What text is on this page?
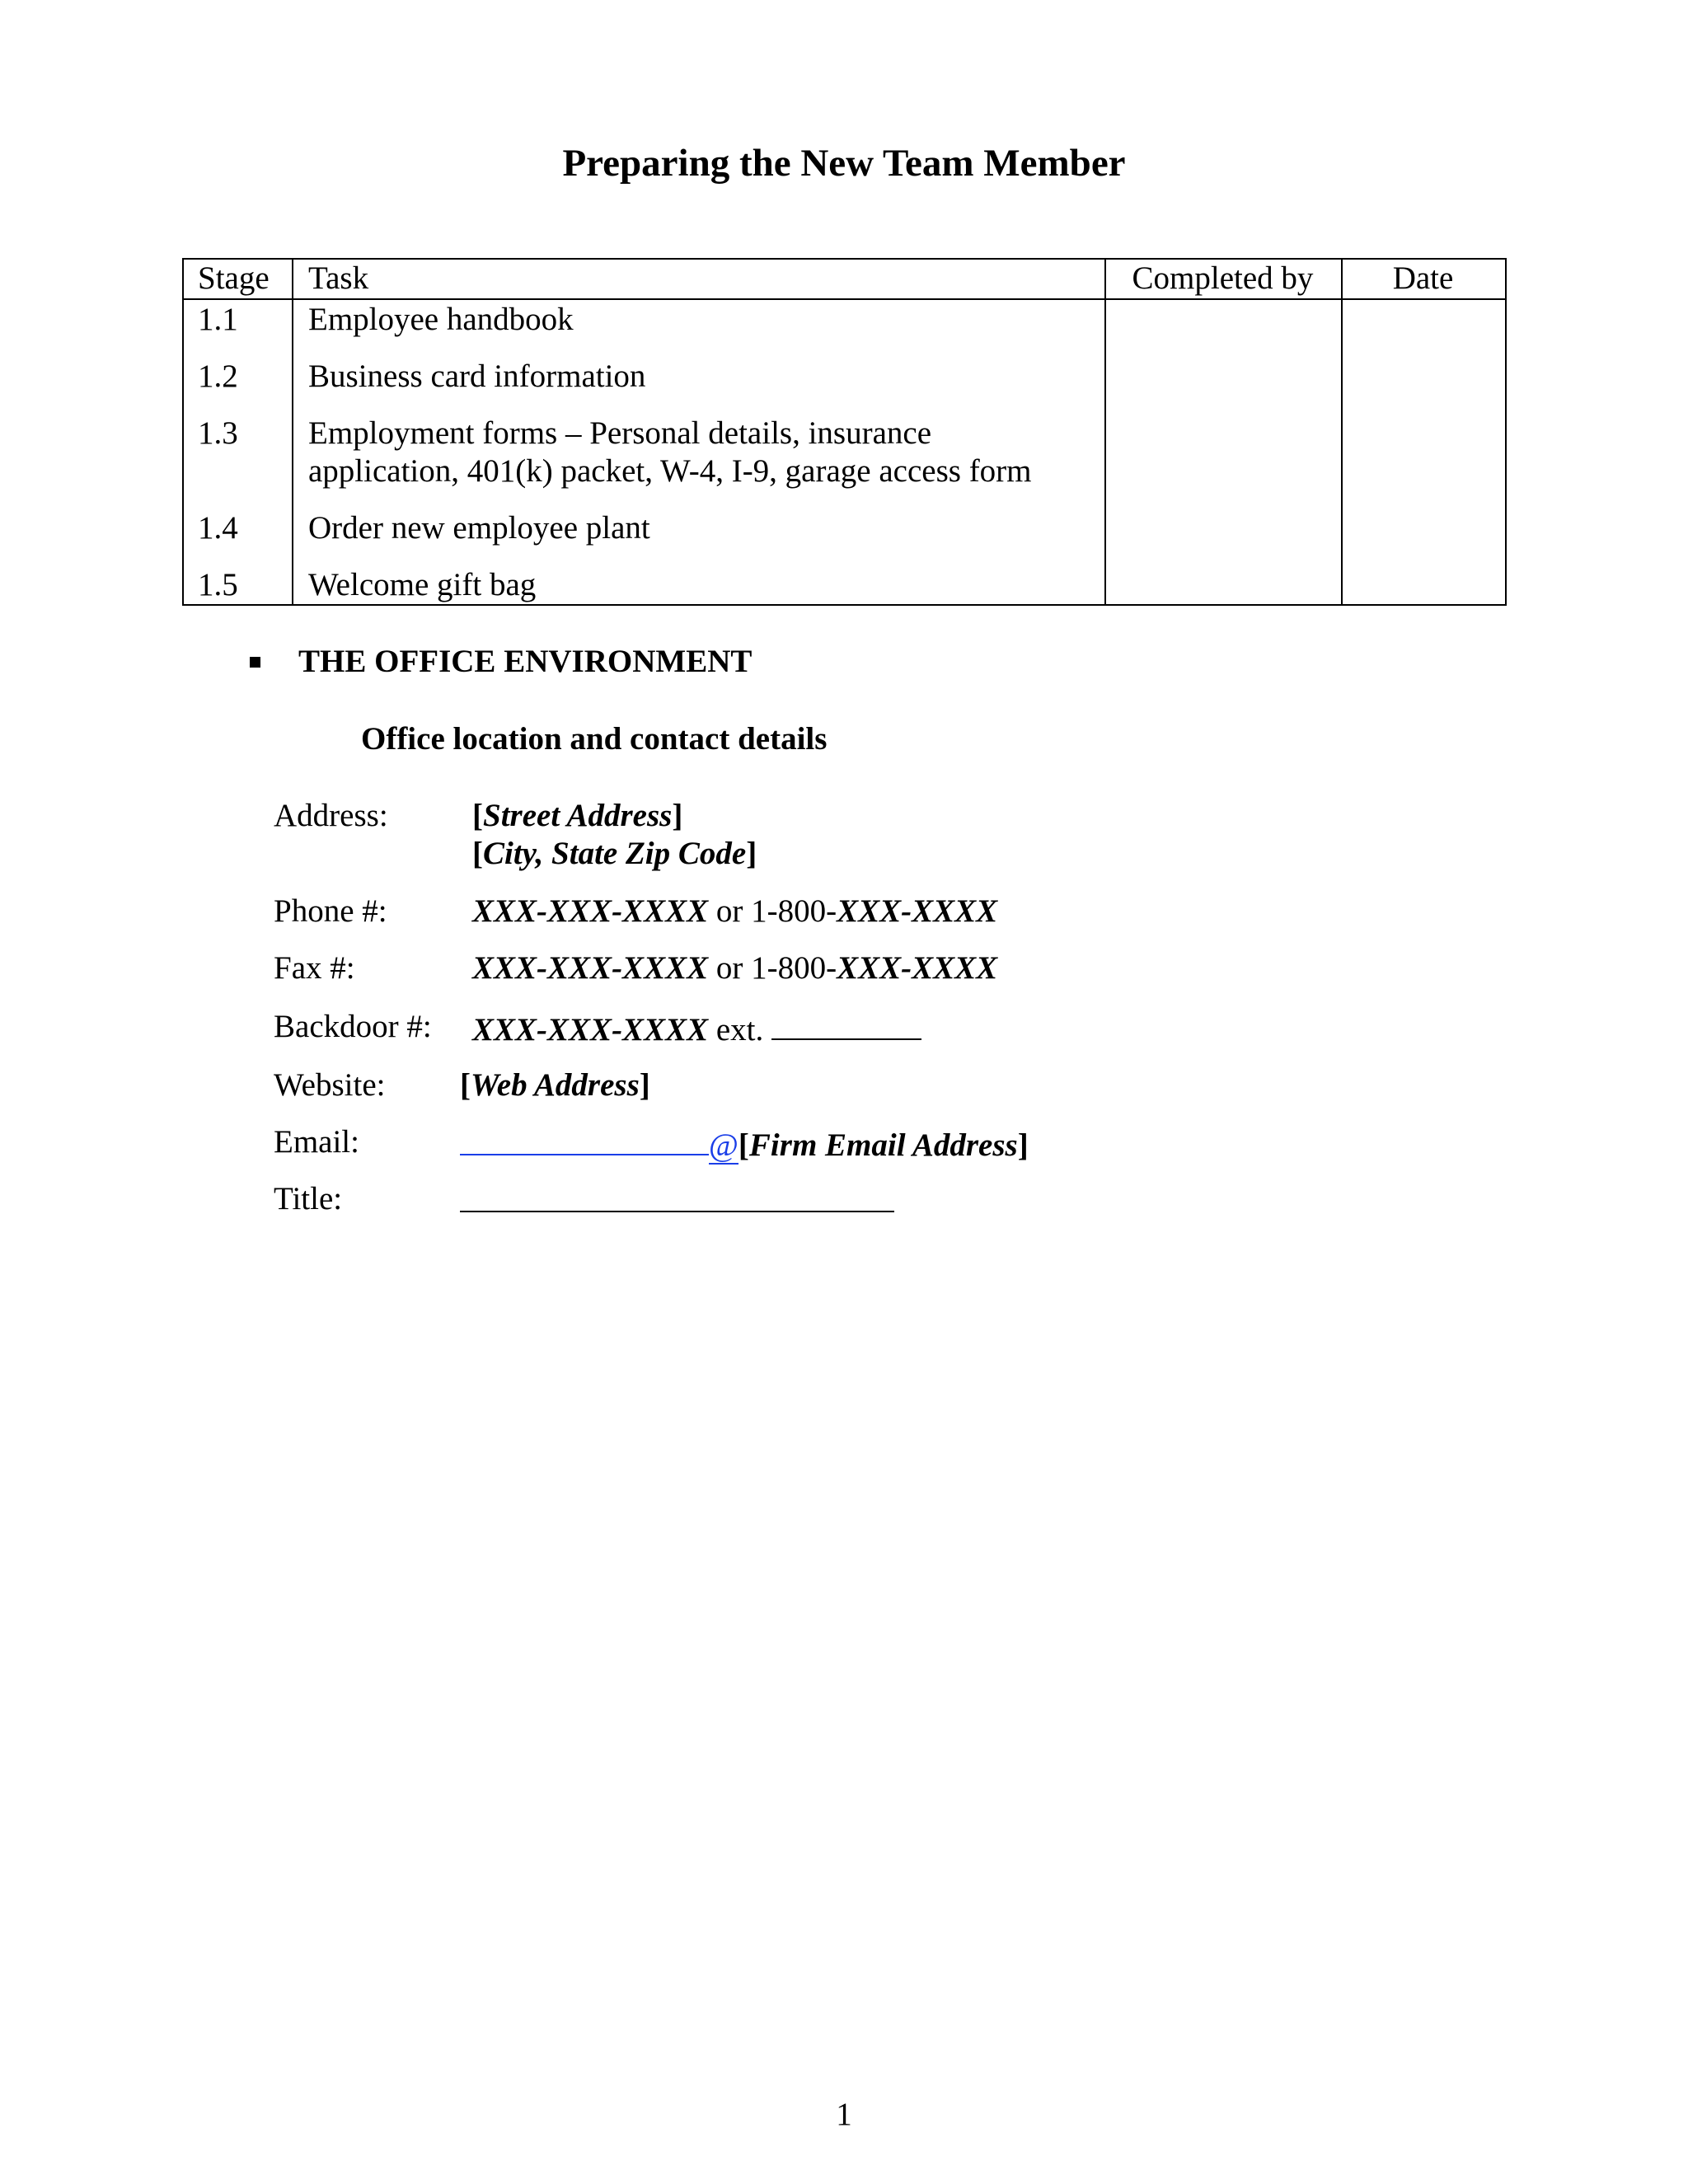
Preparing the New Team Member
Stage Task	Completed by	Date
1.1 Employee handbook
1.2 Business card information
1.3 Employment forms – Personal details, insurance
application, 401(k) packet, W-4, I-9, garage access form
1.4 Order new employee plant
1.5 Welcome gift bag
THE OFFICE ENVIRONMENT
Office location and contact details
Address:	[Street Address]
[City, State Zip Code]
Phone #:	XXX-XXX-XXXX or 1-800-XXX-XXXX
Fax #:	XXX-XXX-XXXX or 1-800-XXX-XXXX
Backdoor #: XXX-XXX-XXXX ext.
Website: [Web Address]
Email:	@[Firm Email Address]
Title:
1
